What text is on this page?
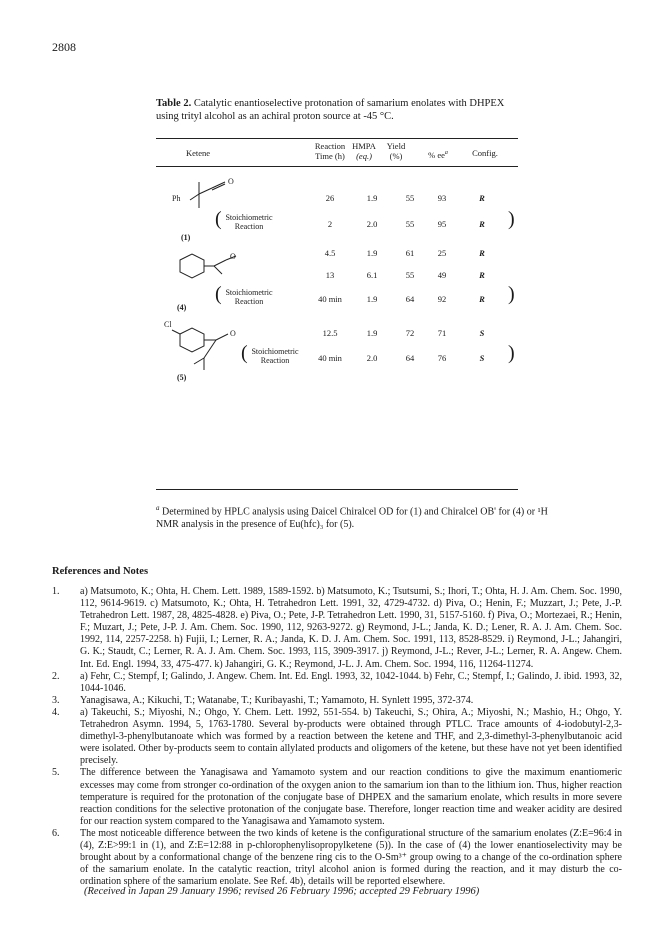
2808
Table 2. Catalytic enantioselective protonation of samarium enolates with DHPEX using trityl alcohol as an achiral proton source at -45 °C.
Ketene
Reaction
Time (h)
HMPA
(eq.)
Yield
(%)	% $ee^a$	Config.
Ph
O
(1)
( Stoichiometric
Reaction	)
O
(4)
( Stoichiometric
Reaction	)
Cl
O
(5)
( Stoichiometric
Reaction	)
26	1.9	55	93	R
2	2.0	55	95	R
4.5	1.9	61	25	R
13	6.1	55	49	R
40 min	1.9	64	92	R
12.5	1.9	72	71	S
40 min	2.0	64	76	S
$^a$ Determined by HPLC analysis using Daicel Chiralcel OD for (1) and Chiralcel OB' for (4) or ¹H NMR analysis in the presence of Eu(hfc)₃ for (5).
References and Notes
1.	a) Matsumoto, K.; Ohta, H. Chem. Lett. 1989, 1589-1592. b) Matsumoto, K.; Tsutsumi, S.; Ihori, T.; Ohta, H. J. Am. Chem. Soc. 1990, 112, 9614-9619. c) Matsumoto, K.; Ohta, H. Tetrahedron Lett. 1991, 32, 4729-4732. d) Piva, O.; Henin, F.; Muzzart, J.; Pete, J.-P. Tetrahedron Lett. 1987, 28, 4825-4828. e) Piva, O.; Pete, J-P. Tetrahedron Lett. 1990, 31, 5157-5160. f) Piva, O.; Mortezaei, R.; Henin, F.; Muzart, J.; Pete, J-P. J. Am. Chem. Soc. 1990, 112, 9263-9272. g) Reymond, J-L.; Janda, K. D.; Lener, R. A. J. Am. Chem. Soc. 1992, 114, 2257-2258. h) Fujii, I.; Lerner, R. A.; Janda, K. D. J. Am. Chem. Soc. 1991, 113, 8528-8529. i) Reymond, J-L.; Jahangiri, G. K.; Staudt, C.; Lerner, R. A. J. Am. Chem. Soc. 1993, 115, 3909-3917. j) Reymond, J-L.; Rever, J-L.; Lerner, R. A. Angew. Chem. Int. Ed. Engl. 1994, 33, 475-477. k) Jahangiri, G. K.; Reymond, J-L. J. Am. Chem. Soc. 1994, 116, 11264-11274.
2.	a) Fehr, C.; Stempf, I; Galindo, J. Angew. Chem. Int. Ed. Engl. 1993, 32, 1042-1044. b) Fehr, C.; Stempf, I.; Galindo, J. ibid. 1993, 32, 1044-1046.
3.	Yanagisawa, A.; Kikuchi, T.; Watanabe, T.; Kuribayashi, T.; Yamamoto, H. Synlett 1995, 372-374.
4.	a) Takeuchi, S.; Miyoshi, N.; Ohgo, Y. Chem. Lett. 1992, 551-554. b) Takeuchi, S.; Ohira, A.; Miyoshi, N.; Mashio, H.; Ohgo, Y. Tetrahedron Asymn. 1994, 5, 1763-1780. Several by-products were obtained through PTLC. Trace amounts of 4-iodobutyl-2,3-dimethyl-3-phenylbutanoate which was formed by a reaction between the ketene and THF, and 2,3-dimethyl-3-phenylbutanoic acid were isolated. Other by-products seem to contain allylated products and oligomers of the ketene, but these have not yet been identified precisely.
5.	The difference between the Yanagisawa and Yamamoto system and our reaction conditions to give the maximum enantiomeric excesses may come from stronger co-ordination of the oxygen anion to the samarium ion than to the lithium ion. Thus, higher reaction temperature is required for the protonation of the conjugate base of DHPEX and the samarium enolate, which results in more severe reaction conditions for the selective protonation of the conjugate base. Therefore, longer reaction time and weaker acidity are desired for our reaction system compared to the Yanagisawa and Yamamoto system.
6.	The most noticeable difference between the two kinds of ketene is the configurational structure of the samarium enolates (Z:E=96:4 in (4), Z:E>99:1 in (1), and Z:E=12:88 in p-chlorophenylisopropylketene (5)). In the case of (4) the lower enantioselectivity may be brought about by a conformational change of the benzene ring cis to the O-Sm³⁺ group owing to a change of the co-ordination sphere of the samarium enolate. In the catalytic reaction, trityl alcohol anion is formed during the reaction, and it may disturb the co-ordination sphere of the samarium enolate. See Ref. 4b), details will be reported elsewhere.
(Received in Japan 29 January 1996; revised 26 February 1996; accepted 29 February 1996)
